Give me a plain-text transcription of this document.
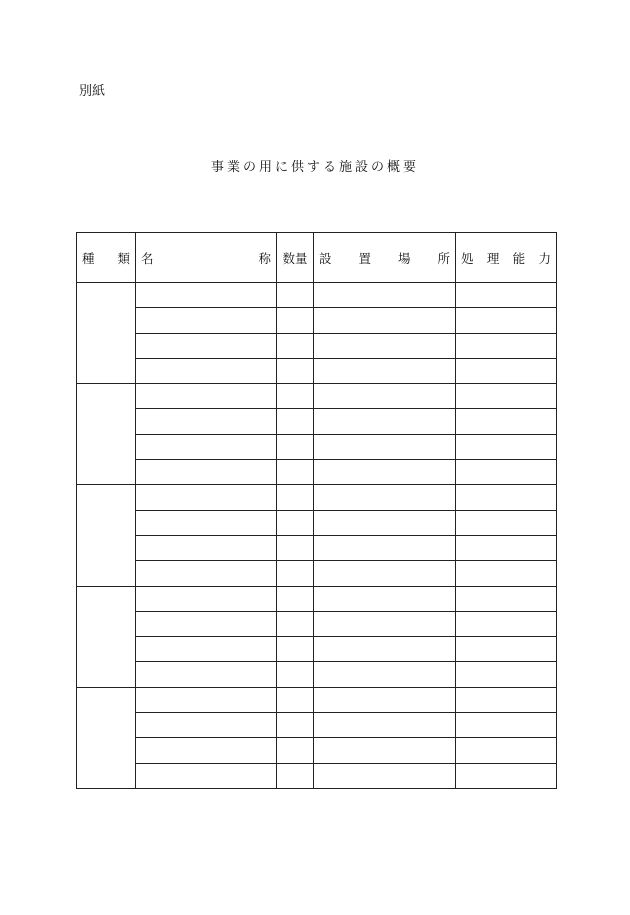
別紙
事業の用に供する施設の概要
種 類	名 称	数量	設 置 場 所	処 理 能 力
